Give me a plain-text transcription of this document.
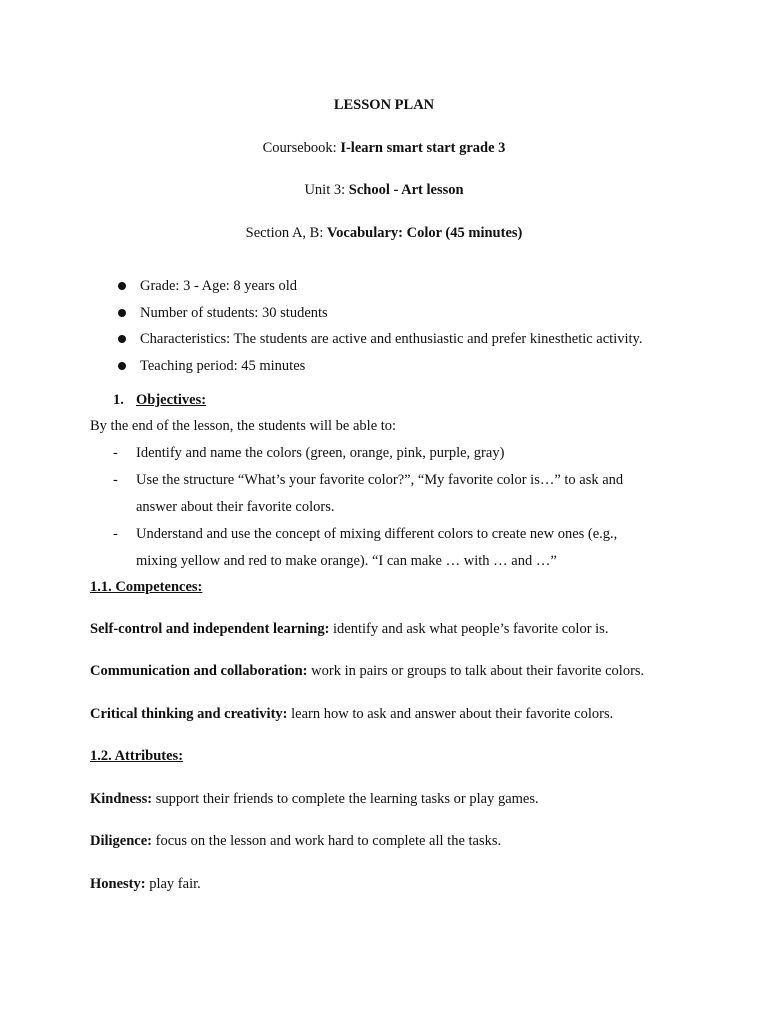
LESSON PLAN
Coursebook: I-learn smart start grade 3
Unit 3: School - Art lesson
Section A, B: Vocabulary: Color (45 minutes)
Grade: 3 - Age: 8 years old
Number of students: 30 students
Characteristics: The students are active and enthusiastic and prefer kinesthetic activity.
Teaching period: 45 minutes
1. Objectives:
By the end of the lesson, the students will be able to:
- Identify and name the colors (green, orange, pink, purple, gray)
- Use the structure “What’s your favorite color?”, “My favorite color is…” to ask and
answer about their favorite colors.
- Understand and use the concept of mixing different colors to create new ones (e.g.,
mixing yellow and red to make orange). “I can make … with … and …”
1.1. Competences:
Self-control and independent learning: identify and ask what people’s favorite color is.
Communication and collaboration: work in pairs or groups to talk about their favorite colors.
Critical thinking and creativity: learn how to ask and answer about their favorite colors.
1.2. Attributes:
Kindness: support their friends to complete the learning tasks or play games.
Diligence: focus on the lesson and work hard to complete all the tasks.
Honesty: play fair.
